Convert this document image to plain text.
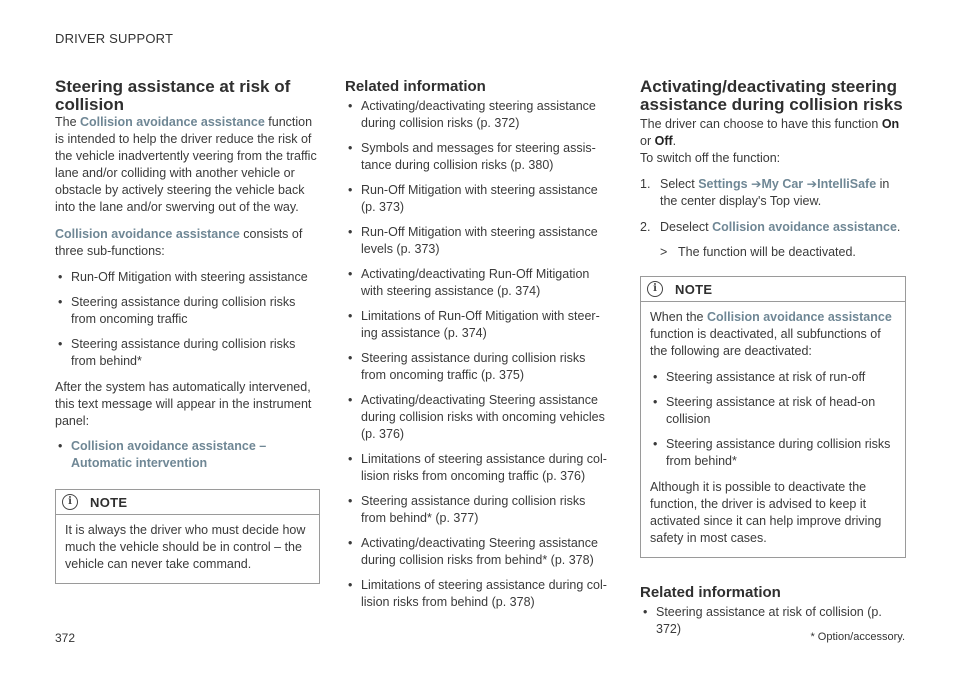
DRIVER SUPPORT
Steering assistance at risk of collision

The Collision avoidance assistance function is intended to help the driver reduce the risk of the vehicle inadvertently veering from the traffic lane and/or colliding with another vehicle or obstacle by actively steering the vehicle back into the lane and/or swerving out of the way.

Collision avoidance assistance consists of three sub-functions:

• Run-Off Mitigation with steering assistance
• Steering assistance during collision risks from oncoming traffic
• Steering assistance during collision risks from behind*

After the system has automatically intervened, this text message will appear in the instrument panel:

• Collision avoidance assistance – Automatic intervention
i	NOTE

It is always the driver who must decide how much the vehicle should be in control – the vehicle can never take command.

Related information
• Activating/deactivating steering assistance during collision risks (p. 372)
• Symbols and messages for steering assistance during collision risks (p. 380)
• Run-Off Mitigation with steering assistance (p. 373)
• Run-Off Mitigation with steering assistance levels (p. 373)
• Activating/deactivating Run-Off Mitigation with steering assistance (p. 374)
• Limitations of Run-Off Mitigation with steering assistance (p. 374)
• Steering assistance during collision risks from oncoming traffic (p. 375)
• Activating/deactivating Steering assistance during collision risks with oncoming vehicles (p. 376)
• Limitations of steering assistance during collision risks from oncoming traffic (p. 376)
• Steering assistance during collision risks from behind* (p. 377)
• Activating/deactivating Steering assistance during collision risks from behind* (p. 378)
• Limitations of steering assistance during collision risks from behind (p. 378)
Activating/deactivating steering assistance during collision risks

The driver can choose to have this function On or Off.

To switch off the function:

1. Select Settings ➔My Car ➔IntelliSafe in the center display's Top view.
2. Deselect Collision avoidance assistance.
> The function will be deactivated.
i	NOTE

When the Collision avoidance assistance function is deactivated, all subfunctions of the following are deactivated:

• Steering assistance at risk of run-off
• Steering assistance at risk of head-on collision
• Steering assistance during collision risks from behind*

Although it is possible to deactivate the function, the driver is advised to keep it activated since it can help improve driving safety in most cases.

Related information
• Steering assistance at risk of collision (p. 372)
372	* Option/accessory.
